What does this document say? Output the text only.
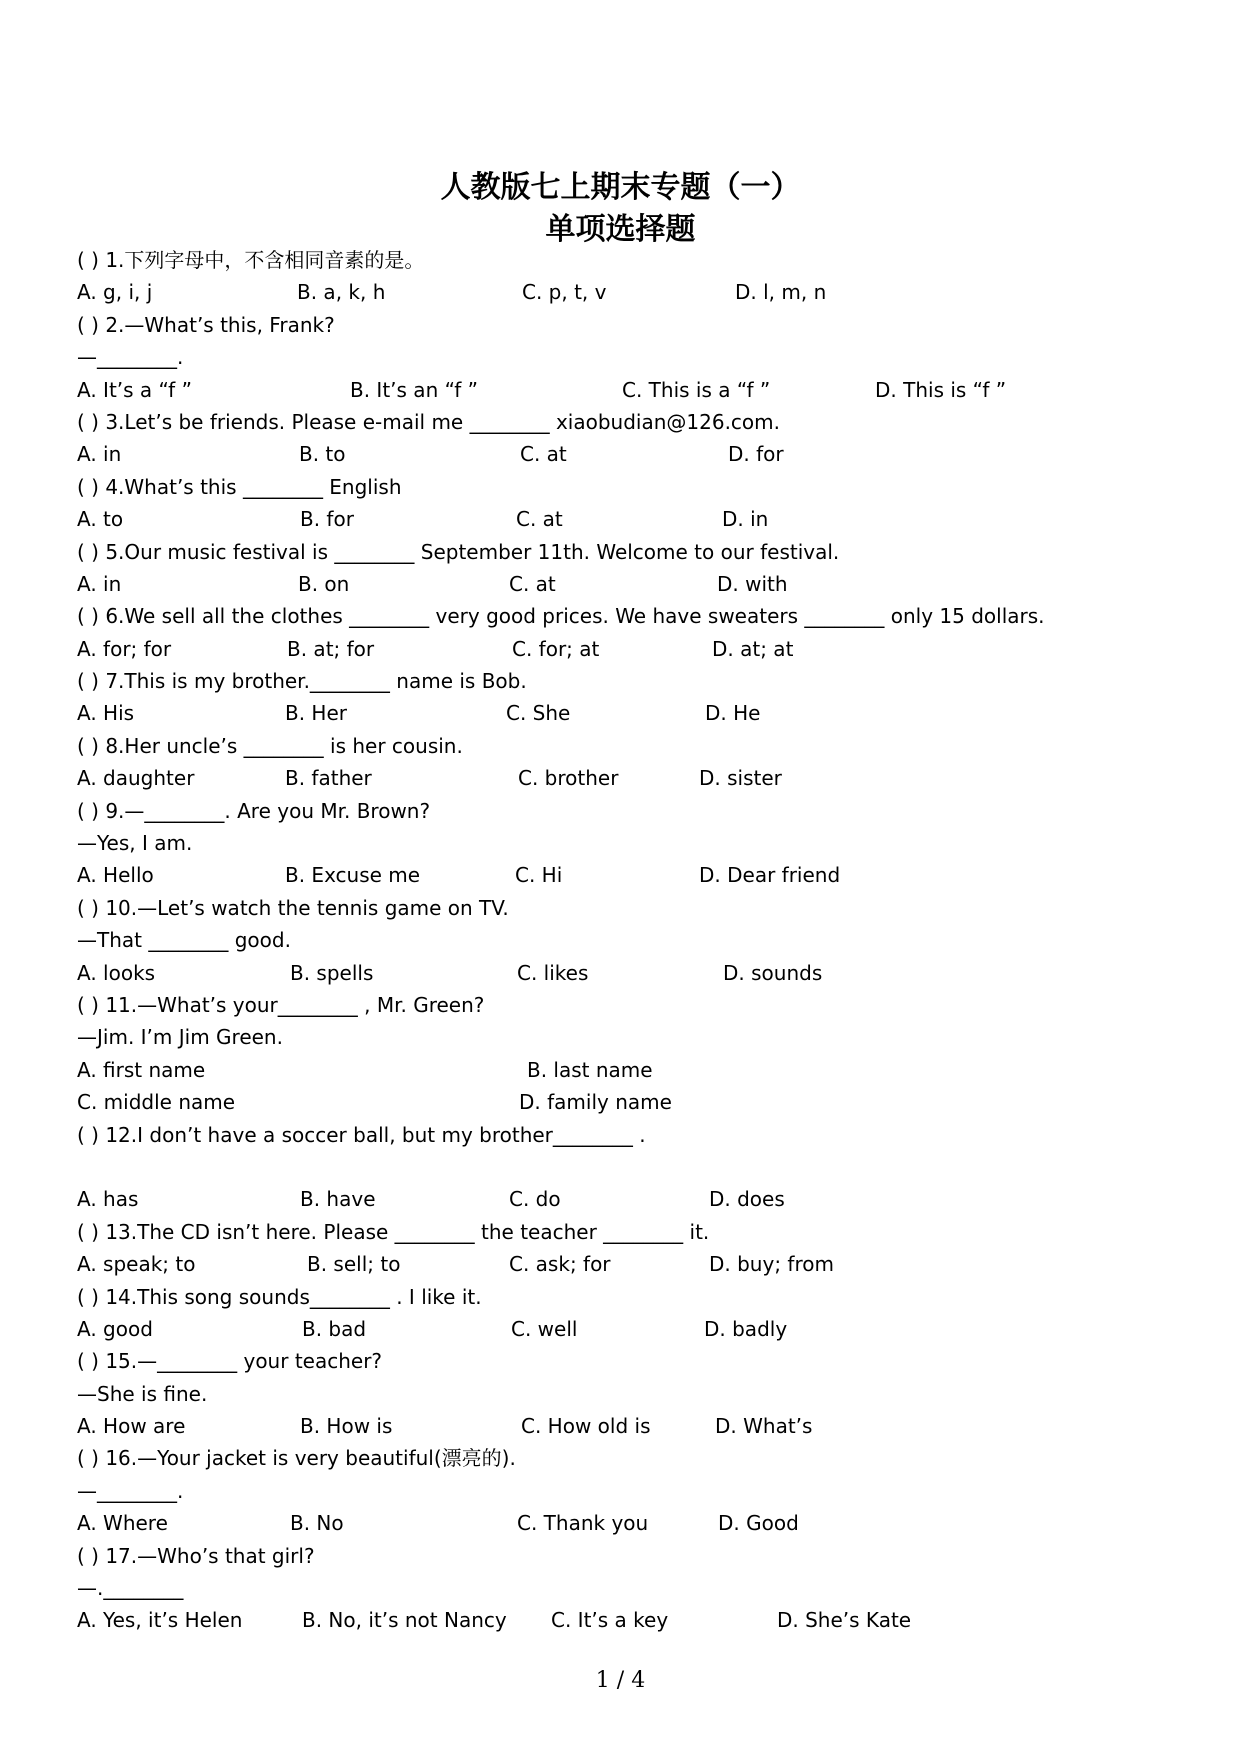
人教版七上期末专题（一）
单项选择题
( ) 1.下列字母中，不含相同音素的是。
A. g, i, j	B. a, k, h	C. p, t, v	D. l, m, n
( ) 2.—What’s this, Frank?
—________.
A. It’s a “f ”	B. It’s an “f ”	C. This is a “f ”	D. This is “f ”
( ) 3.Let’s be friends. Please e-mail me ________ xiaobudian@126.com.
A. in	B. to	C. at	D. for
( ) 4.What’s this ________ English
A. to	B. for	C. at	D. in
( ) 5.Our music festival is ________ September 11th. Welcome to our festival.
A. in	B. on	C. at	D. with
( ) 6.We sell all the clothes ________ very good prices. We have sweaters ________ only 15 dollars.
A. for; for	B. at; for	C. for; at	D. at; at
( ) 7.This is my brother.________ name is Bob.
A. His	B. Her	C. She	D. He
( ) 8.Her uncle’s ________ is her cousin.
A. daughter	B. father	C. brother	D. sister
( ) 9.—________. Are you Mr. Brown?
—Yes, I am.
A. Hello	B. Excuse me	C. Hi	D. Dear friend
( ) 10.—Let’s watch the tennis game on TV.
—That ________ good.
A. looks	B. spells	C. likes	D. sounds
( ) 11.—What’s your________ , Mr. Green?
—Jim. I’m Jim Green.
A. first name	B. last name
C. middle name	D. family name
( ) 12.I don’t have a soccer ball, but my brother________ .
A. has	B. have	C. do	D. does
( ) 13.The CD isn’t here. Please ________ the teacher ________ it.
A. speak; to	B. sell; to	C. ask; for	D. buy; from
( ) 14.This song sounds________ . I like it.
A. good	B. bad	C. well	D. badly
( ) 15.—________ your teacher?
—She is fine.
A. How are	B. How is	C. How old is	D. What’s
( ) 16.—Your jacket is very beautiful(漂亮的).
—________.
A. Where	B. No	C. Thank you	D. Good
( ) 17.—Who’s that girl?
—.________
A. Yes, it’s Helen	B. No, it’s not Nancy C. It’s a key	D. She’s Kate
1 / 4
